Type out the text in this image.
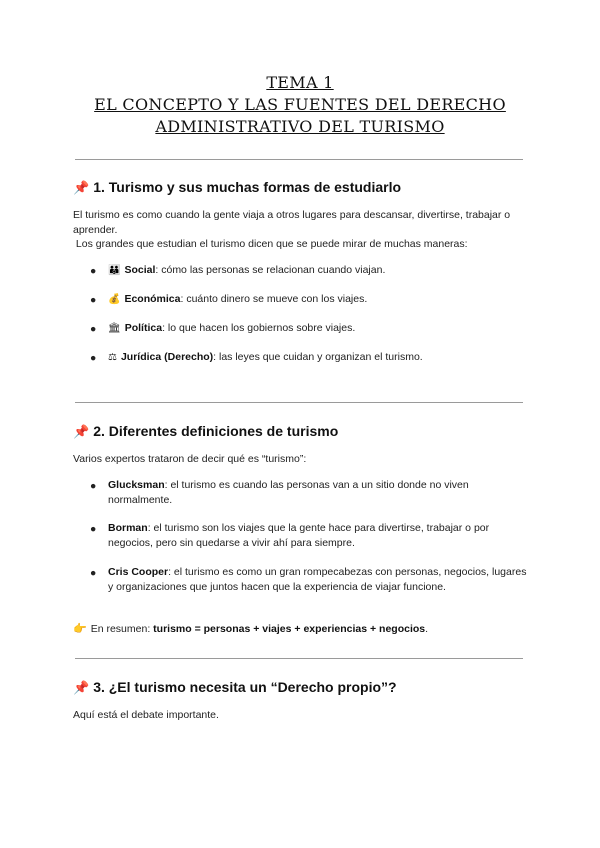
TEMA 1
EL CONCEPTO Y LAS FUENTES DEL DERECHO
ADMINISTRATIVO DEL TURISMO
📌 1. Turismo y sus muchas formas de estudiarlo
El turismo es como cuando la gente viaja a otros lugares para descansar, divertirse, trabajar o aprender.
Los grandes que estudian el turismo dicen que se puede mirar de muchas maneras:
● 👪 Social: cómo las personas se relacionan cuando viajan.
● 💰 Económica: cuánto dinero se mueve con los viajes.
● 🏛 Política: lo que hacen los gobiernos sobre viajes.
● ⚖ Jurídica (Derecho): las leyes que cuidan y organizan el turismo.
📌 2. Diferentes definiciones de turismo
Varios expertos trataron de decir qué es “turismo”:
● Glucksman: el turismo es cuando las personas van a un sitio donde no viven normalmente.
● Borman: el turismo son los viajes que la gente hace para divertirse, trabajar o por negocios, pero sin quedarse a vivir ahí para siempre.
● Cris Cooper: el turismo es como un gran rompecabezas con personas, negocios, lugares y organizaciones que juntos hacen que la experiencia de viajar funcione.
👉 En resumen: turismo = personas + viajes + experiencias + negocios.
📌 3. ¿El turismo necesita un “Derecho propio”?
Aquí está el debate importante.
